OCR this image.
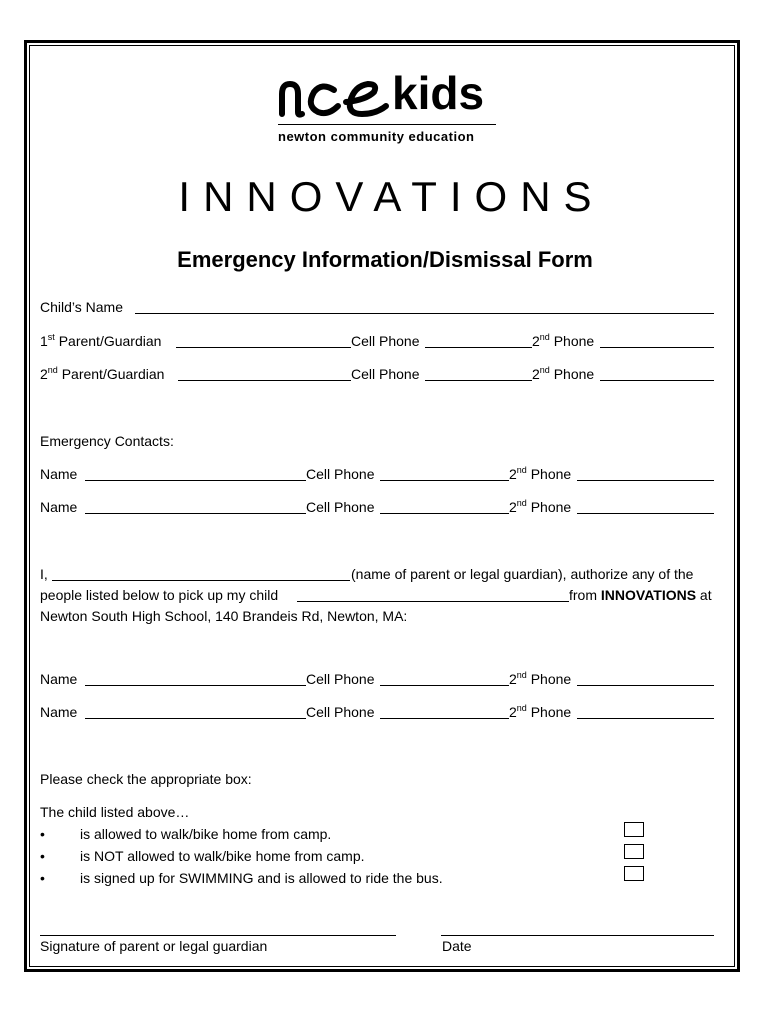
kids
newton community education
INNOVATIONS
Emergency Information/Dismissal Form
Child’s Name
1st Parent/Guardian	Cell Phone	2nd Phone
2nd Parent/Guardian	Cell Phone	2nd Phone
Emergency Contacts:
Name	Cell Phone	2nd Phone
Name	Cell Phone	2nd Phone
I,	(name of parent or legal guardian), authorize any of the
people listed below to pick up my child	from INNOVATIONS at
Newton South High School, 140 Brandeis Rd, Newton, MA:
Name	Cell Phone	2nd Phone
Name	Cell Phone	2nd Phone
Please check the appropriate box:
The child listed above…
•	is allowed to walk/bike home from camp.
•	is NOT allowed to walk/bike home from camp.
•	is signed up for SWIMMING and is allowed to ride the bus.
Signature of parent or legal guardian	Date
